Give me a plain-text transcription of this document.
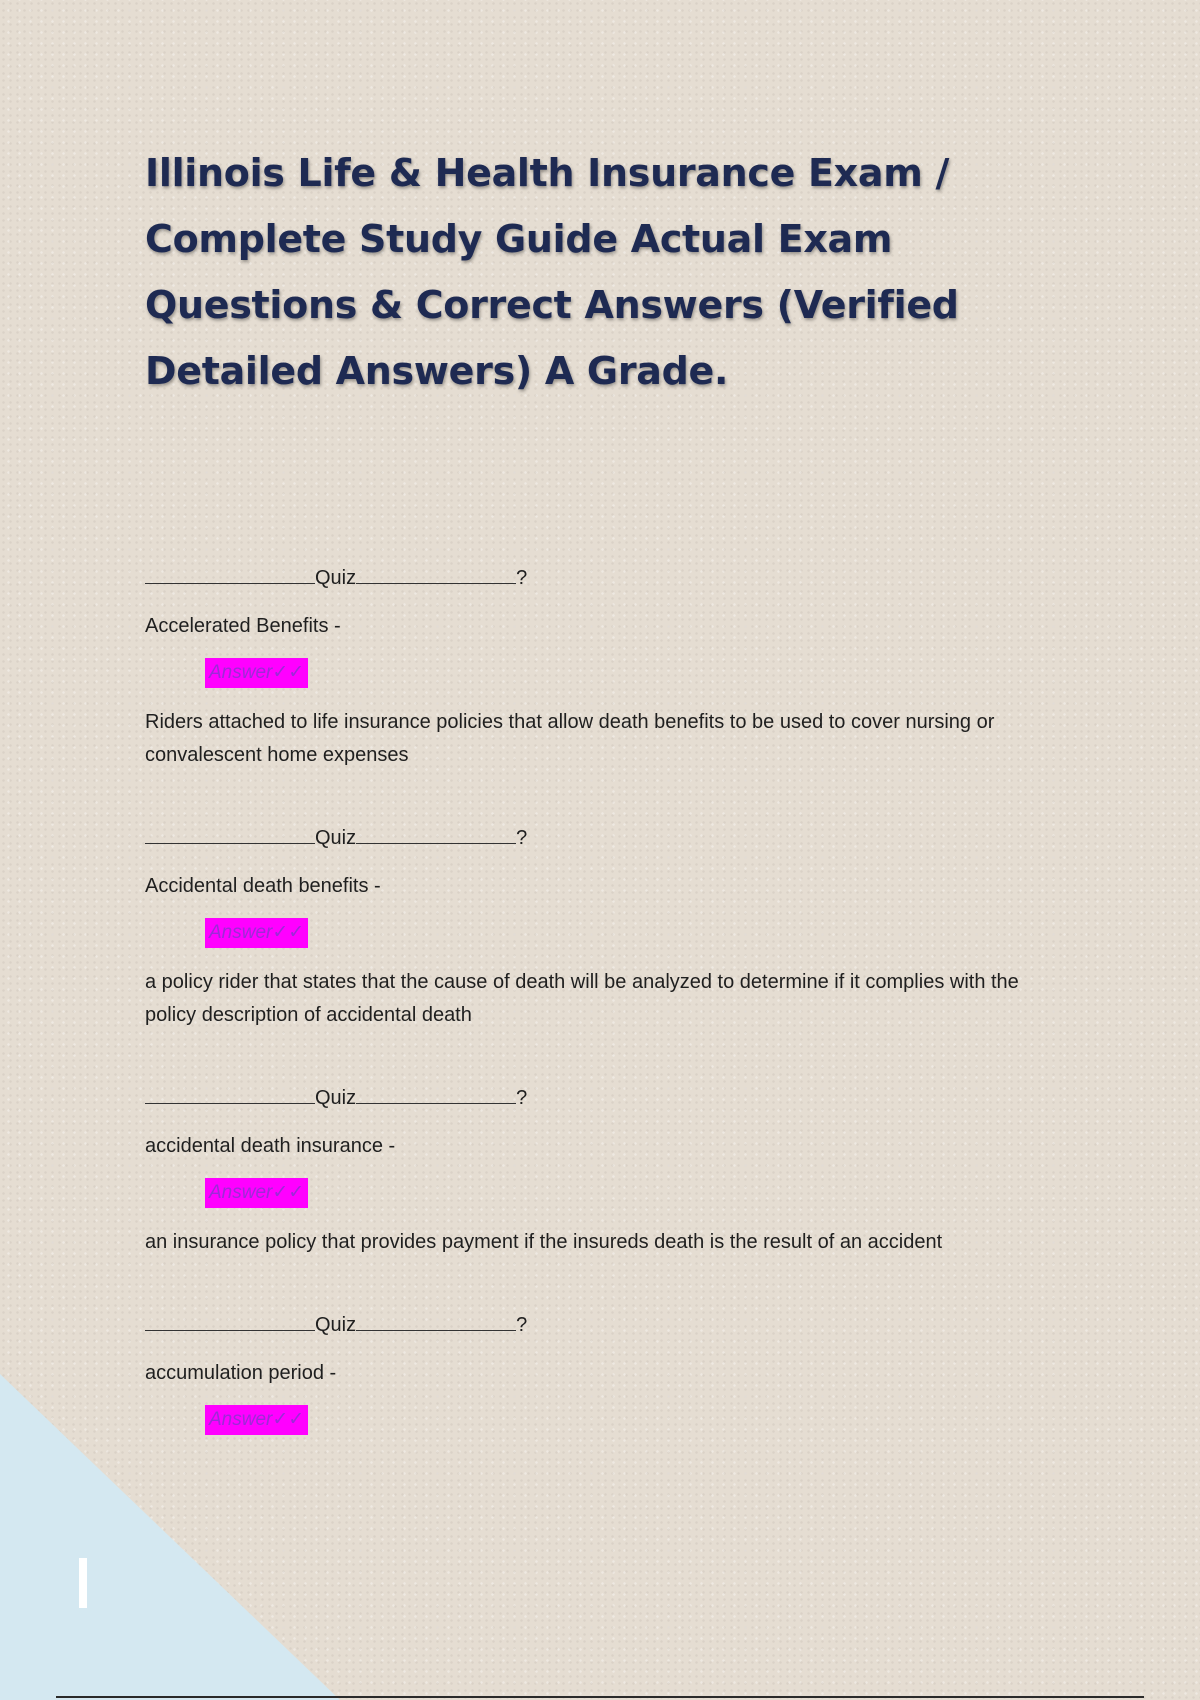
Illinois Life & Health Insurance Exam / Complete Study Guide Actual Exam Questions & Correct Answers (Verified Detailed Answers) A Grade.
Quiz	?
Accelerated Benefits -
Answer✓✓
Riders attached to life insurance policies that allow death benefits to be used to cover nursing or convalescent home expenses
Quiz	?
Accidental death benefits -
Answer✓✓
a policy rider that states that the cause of death will be analyzed to determine if it complies with the policy description of accidental death
Quiz	?
accidental death insurance -
Answer✓✓
an insurance policy that provides payment if the insureds death is the result of an accident
Quiz	?
accumulation period -
Answer✓✓
